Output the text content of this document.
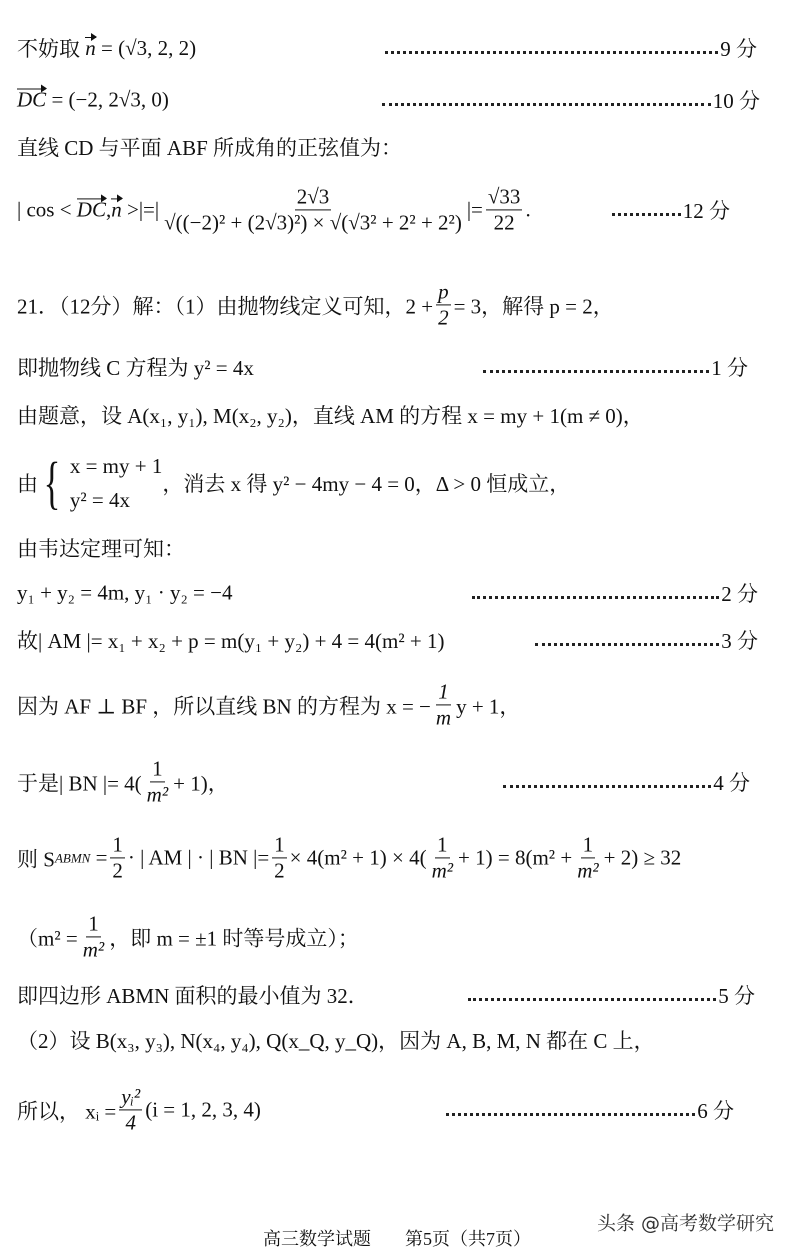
不妨取
n
= (√3, 2, 2)	9 分
DC
= (−2, 2√3, 0)	10 分
直线 CD 与平面 ABF 所成角的正弦值为：
| cos <
DC , n
>|=| $\frac{2√3}{\text{√((−2)² + (2√3)²) × √(√3² + 2² + 2²)}}$ |= $\frac{√33}{22}$ .	12 分
21．（12分）解：（1）由抛物线定义可知，$2 + \frac{p}{2} = 3$，解得 p = 2，
即抛物线 C 方程为 y² = 4x	1 分
由题意，设 A(x₁, y₁), M(x₂, y₂)，直线 AM 的方程 x = my + 1(m ≠ 0)，
由 { x = my + 1
y² = 4x
，消去 x 得 y² − 4my − 4 = 0，Δ > 0 恒成立，
由韦达定理可知：
y₁ + y₂ = 4m, y₁ · y₂ = −4	2 分
故| AM |= x₁ + x₂ + p = m(y₁ + y₂) + 4 = 4(m² + 1)	3 分
因为 AF ⊥ BF ，所以直线 BN 的方程为 x = − $\frac{1}{m}$ y + 1，
于是| BN |= $4( \frac{1}{\text{m²}} + 1)$，	4 分
则 S ABMN
= $\frac{1}{2}$ · | AM | · | BN |= $\frac{1}{2} \times 4(m^2 + 1) \times 4( \frac{1}{\text{m²}} + 1) = 8(m^2 + \frac{1}{\text{m²}} + 2) \ge 32$
（$m^2 = \frac{1}{\text{m²}}$ ，即 m = ±1 时等号成立）；
即四边形 ABMN 面积的最小值为 32．	5 分
（2）设 B(x₃, y₃), N(x₄, y₄), Q(x_Q, y_Q)，因为 A, B, M, N 都在 C 上，
所以， xᵢ = $\frac{\text{yᵢ²}}{4} (i = 1$, 2, 3, 4)	6 分
高三数学试题 第5页（共7页）
头条 @高考数学研究
